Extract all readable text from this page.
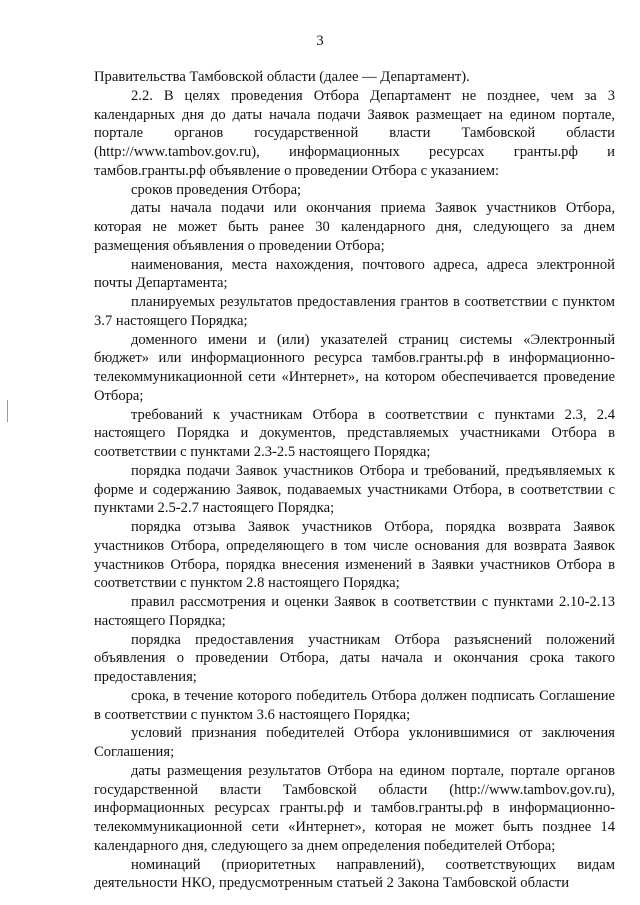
3

Правительства Тамбовской области (далее — Департамент).

2.2. В целях проведения Отбора Департамент не позднее, чем за 3 календарных дня до даты начала подачи Заявок размещает на едином портале, портале органов государственной власти Тамбовской области (http://www.tambov.gov.ru), информационных ресурсах гранты.рф и тамбов.гранты.рф объявление о проведении Отбора с указанием:

сроков проведения Отбора;

даты начала подачи или окончания приема Заявок участников Отбора, которая не может быть ранее 30 календарного дня, следующего за днем размещения объявления о проведении Отбора;

наименования, места нахождения, почтового адреса, адреса электронной почты Департамента;

планируемых результатов предоставления грантов в соответствии с пунктом 3.7 настоящего Порядка;

доменного имени и (или) указателей страниц системы «Электронный бюджет» или информационного ресурса тамбов.гранты.рф в информационно-телекоммуникационной сети «Интернет», на котором обеспечивается проведение Отбора;

требований к участникам Отбора в соответствии с пунктами 2.3, 2.4 настоящего Порядка и документов, представляемых участниками Отбора в соответствии с пунктами 2.3-2.5 настоящего Порядка;

порядка подачи Заявок участников Отбора и требований, предъявляемых к форме и содержанию Заявок, подаваемых участниками Отбора, в соответствии с пунктами 2.5-2.7 настоящего Порядка;

порядка отзыва Заявок участников Отбора, порядка возврата Заявок участников Отбора, определяющего в том числе основания для возврата Заявок участников Отбора, порядка внесения изменений в Заявки участников Отбора в соответствии с пунктом 2.8 настоящего Порядка;

правил рассмотрения и оценки Заявок в соответствии с пунктами 2.10-2.13 настоящего Порядка;

порядка предоставления участникам Отбора разъяснений положений объявления о проведении Отбора, даты начала и окончания срока такого предоставления;

срока, в течение которого победитель Отбора должен подписать Соглашение в соответствии с пунктом 3.6 настоящего Порядка;

условий признания победителей Отбора уклонившимися от заключения Соглашения;

даты размещения результатов Отбора на едином портале, портале органов государственной власти Тамбовской области (http://www.tambov.gov.ru), информационных ресурсах гранты.рф и тамбов.гранты.рф в информационно-телекоммуникационной сети «Интернет», которая не может быть позднее 14 календарного дня, следующего за днем определения победителей Отбора;

номинаций (приоритетных направлений), соответствующих видам деятельности НКО, предусмотренным статьей 2 Закона Тамбовской области
